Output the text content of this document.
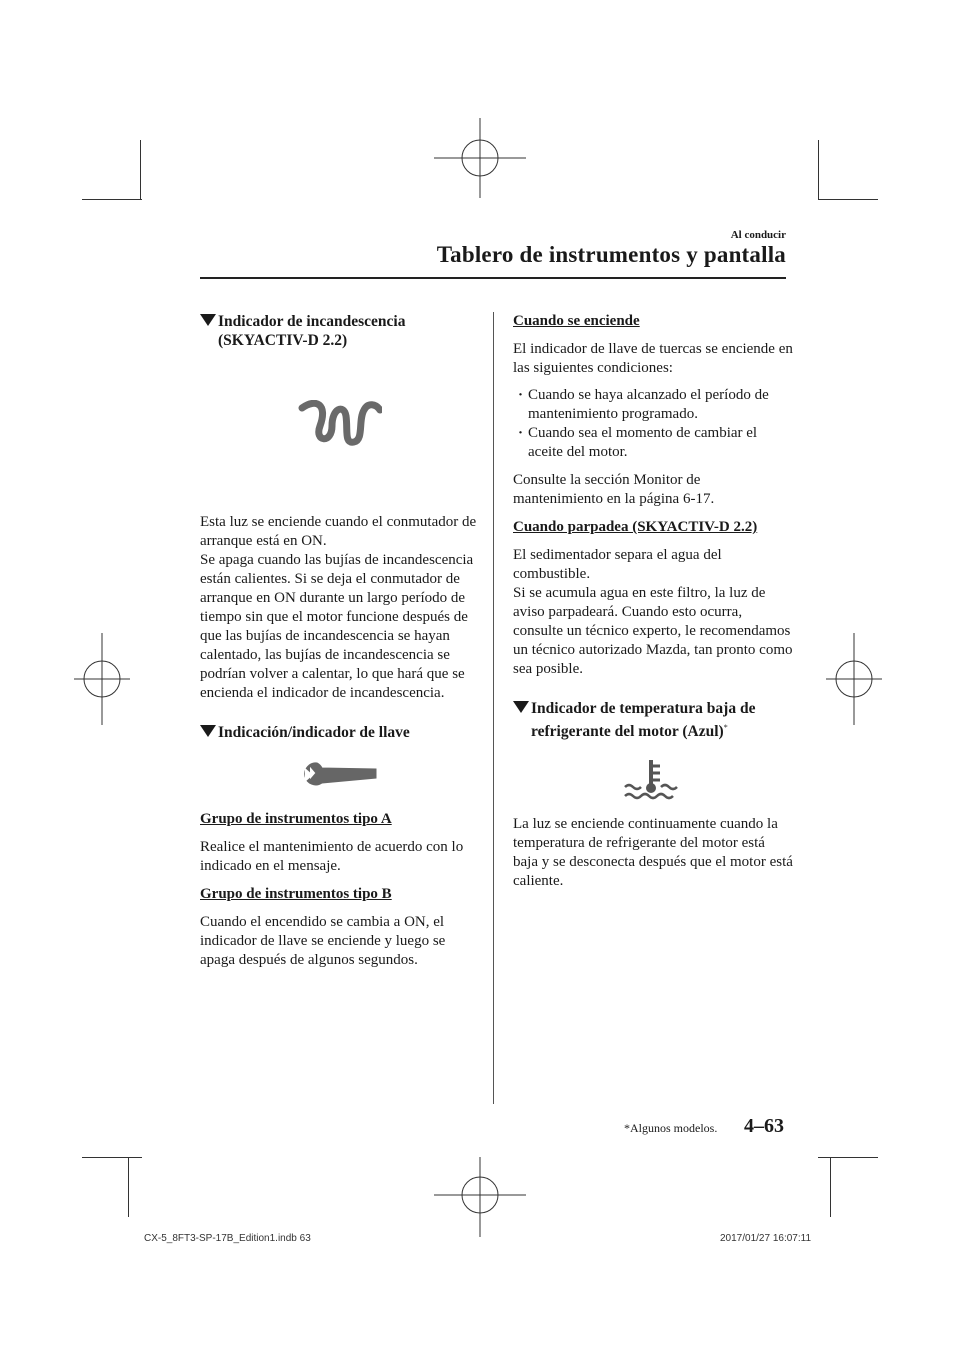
Al conducir
Tablero de instrumentos y pantalla
Indicador de incandescencia
(SKYACTIV-D 2.2)

Esta luz se enciende cuando el conmutador de arranque está en ON.

Se apaga cuando las bujías de incandescencia están calientes. Si se deja el conmutador de arranque en ON durante un largo período de tiempo sin que el motor funcione después de que las bujías de incandescencia se hayan calentado, las bujías de incandescencia se podrían volver a calentar, lo que hará que se encienda el indicador de incandescencia.

Indicación/indicador de llave

Grupo de instrumentos tipo A

Realice el mantenimiento de acuerdo con lo indicado en el mensaje.

Grupo de instrumentos tipo B

Cuando el encendido se cambia a ON, el indicador de llave se enciende y luego se apaga después de algunos segundos.

Cuando se enciende

El indicador de llave de tuercas se enciende en las siguientes condiciones:

· Cuando se haya alcanzado el período de mantenimiento programado.
· Cuando sea el momento de cambiar el aceite del motor.

Consulte la sección Monitor de mantenimiento en la página 6-17.

Cuando parpadea (SKYACTIV-D 2.2)

El sedimentador separa el agua del combustible.

Si se acumula agua en este filtro, la luz de aviso parpadeará. Cuando esto ocurra, consulte un técnico experto, le recomendamos un técnico autorizado Mazda, tan pronto como sea posible.

Indicador de temperatura baja de
refrigerante del motor (Azul)*

La luz se enciende continuamente cuando la temperatura de refrigerante del motor está baja y se desconecta después que el motor está caliente.

*Algunos modelos. 4–63
CX-5_8FT3-SP-17B_Edition1.indb 63	2017/01/27 16:07:11
